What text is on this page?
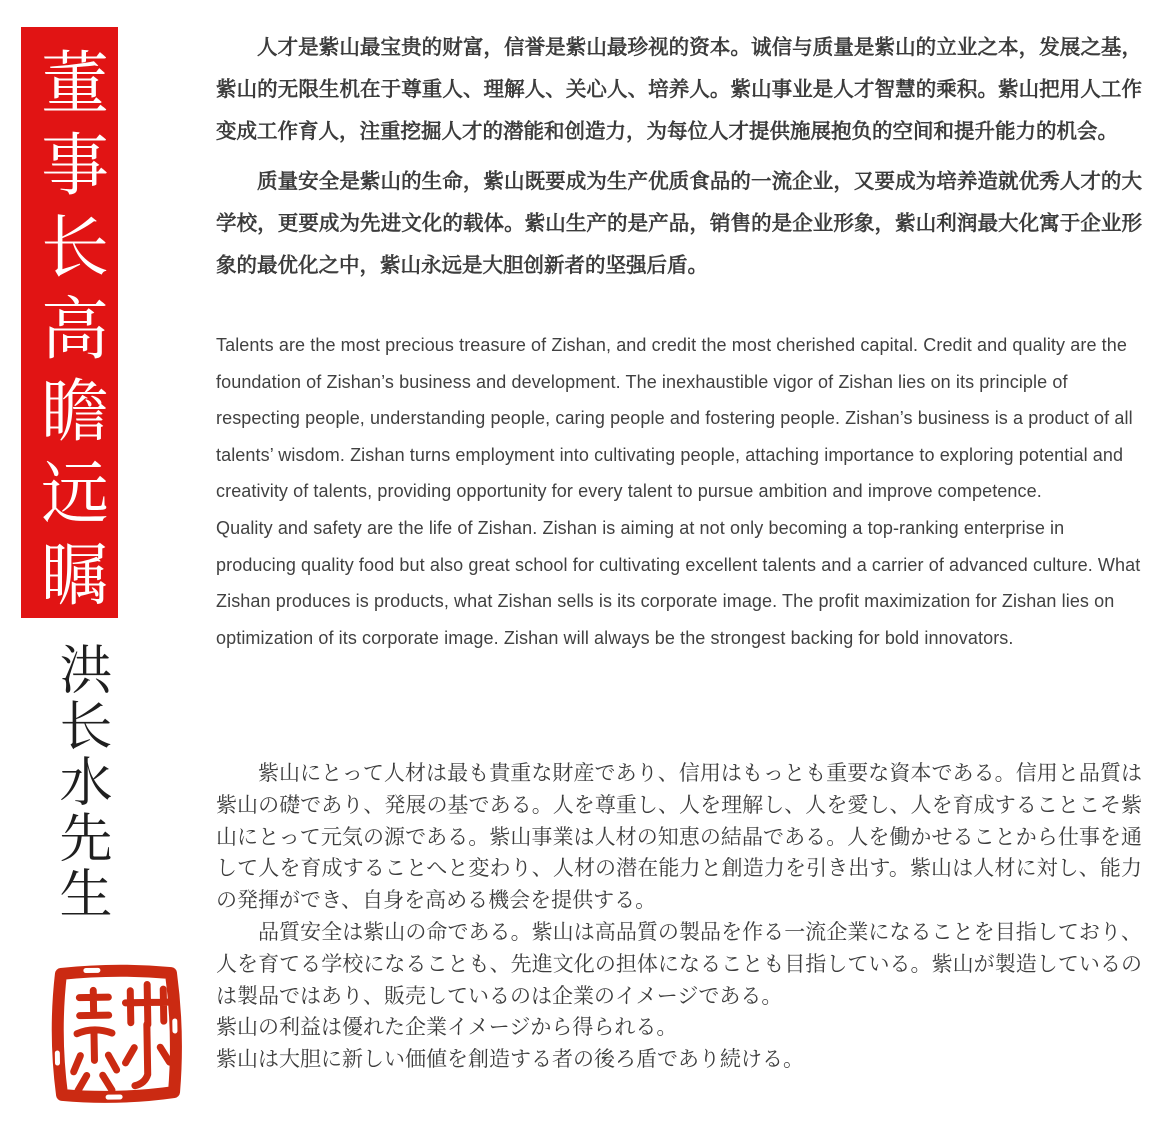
董事长高瞻远瞩
洪长水先生

人才是紫山最宝贵的财富，信誉是紫山最珍视的资本。诚信与质量是紫山的立业之本，发展之基，紫山的无限生机在于尊重人、理解人、关心人、培养人。紫山事业是人才智慧的乘积。紫山把用人工作变成工作育人，注重挖掘人才的潜能和创造力，为每位人才提供施展抱负的空间和提升能力的机会。

质量安全是紫山的生命，紫山既要成为生产优质食品的一流企业，又要成为培养造就优秀人才的大学校，更要成为先进文化的载体。紫山生产的是产品，销售的是企业形象，紫山利润最大化寓于企业形象的最优化之中，紫山永远是大胆创新者的坚强后盾。

Talents are the most precious treasure of Zishan, and credit the most cherished capital. Credit and quality are the foundation of Zishan’s business and development. The inexhaustible vigor of Zishan lies on its principle of respecting people, understanding people, caring people and fostering people. Zishan’s business is a product of all talents’ wisdom. Zishan turns employment into cultivating people, attaching importance to exploring potential and creativity of talents, providing opportunity for every talent to pursue ambition and improve competence.

Quality and safety are the life of Zishan. Zishan is aiming at not only becoming a top-ranking enterprise in producing quality food but also great school for cultivating excellent talents and a carrier of advanced culture. What Zishan produces is products, what Zishan sells is its corporate image. The profit maximization for Zishan lies on optimization of its corporate image. Zishan will always be the strongest backing for bold innovators.

紫山にとって人材は最も貴重な財産であり、信用はもっとも重要な資本である。信用と品質は紫山の礎であり、発展の基である。人を尊重し、人を理解し、人を愛し、人を育成することこそ紫山にとって元気の源である。紫山事業は人材の知恵の結晶である。人を働かせることから仕事を通して人を育成することへと変わり、人材の潜在能力と創造力を引き出す。紫山は人材に対し、能力の発揮ができ、自身を高める機会を提供する。

品質安全は紫山の命である。紫山は高品質の製品を作る一流企業になることを目指しており、人を育てる学校になることも、先進文化の担体になることも目指している。紫山が製造しているのは製品ではあり、販売しているのは企業のイメージである。

紫山の利益は優れた企業イメージから得られる。

紫山は大胆に新しい価値を創造する者の後ろ盾であり続ける。
